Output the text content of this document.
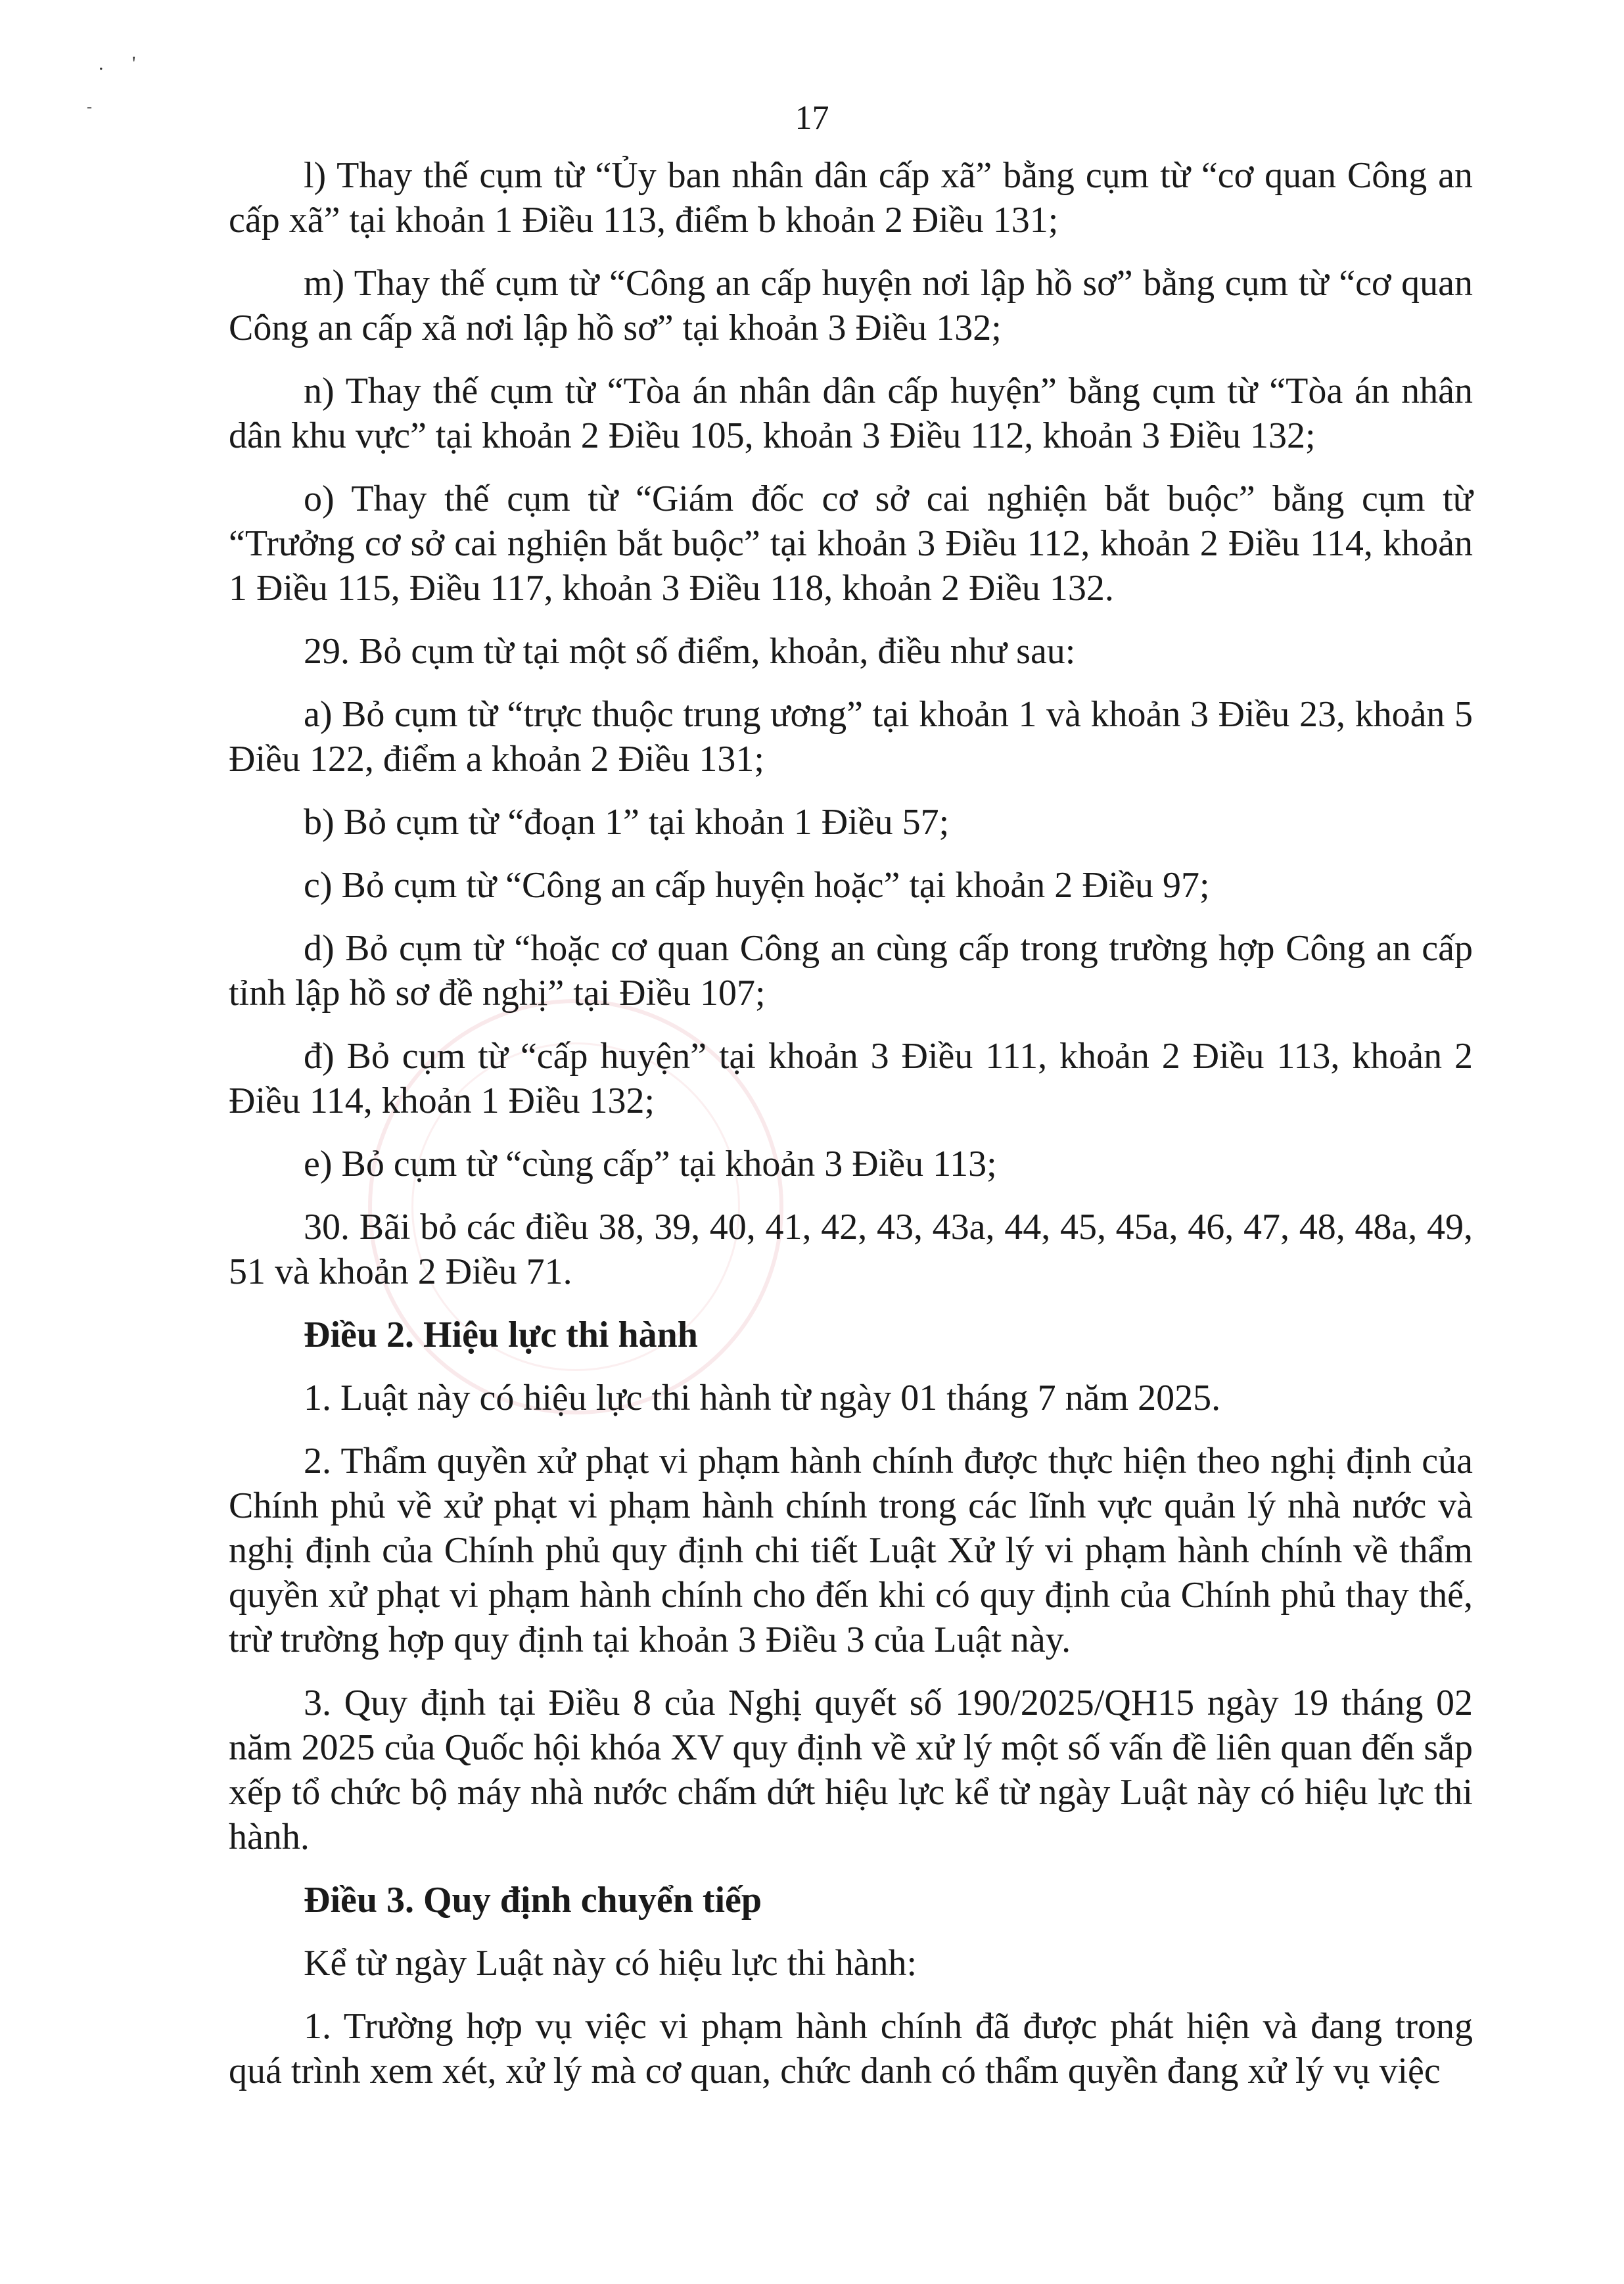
. '
-	17

l) Thay thế cụm từ “Ủy ban nhân dân cấp xã” bằng cụm từ “cơ quan Công an cấp xã” tại khoản 1 Điều 113, điểm b khoản 2 Điều 131;

m) Thay thế cụm từ “Công an cấp huyện nơi lập hồ sơ” bằng cụm từ “cơ quan Công an cấp xã nơi lập hồ sơ” tại khoản 3 Điều 132;

n) Thay thế cụm từ “Tòa án nhân dân cấp huyện” bằng cụm từ “Tòa án nhân dân khu vực” tại khoản 2 Điều 105, khoản 3 Điều 112, khoản 3 Điều 132;

o) Thay thế cụm từ “Giám đốc cơ sở cai nghiện bắt buộc” bằng cụm từ “Trưởng cơ sở cai nghiện bắt buộc” tại khoản 3 Điều 112, khoản 2 Điều 114, khoản 1 Điều 115, Điều 117, khoản 3 Điều 118, khoản 2 Điều 132.

29. Bỏ cụm từ tại một số điểm, khoản, điều như sau:

a) Bỏ cụm từ “trực thuộc trung ương” tại khoản 1 và khoản 3 Điều 23, khoản 5 Điều 122, điểm a khoản 2 Điều 131;

b) Bỏ cụm từ “đoạn 1” tại khoản 1 Điều 57;

c) Bỏ cụm từ “Công an cấp huyện hoặc” tại khoản 2 Điều 97;

d) Bỏ cụm từ “hoặc cơ quan Công an cùng cấp trong trường hợp Công an cấp tỉnh lập hồ sơ đề nghị” tại Điều 107;

đ) Bỏ cụm từ “cấp huyện” tại khoản 3 Điều 111, khoản 2 Điều 113, khoản 2 Điều 114, khoản 1 Điều 132;

e) Bỏ cụm từ “cùng cấp” tại khoản 3 Điều 113;

30. Bãi bỏ các điều 38, 39, 40, 41, 42, 43, 43a, 44, 45, 45a, 46, 47, 48, 48a, 49, 51 và khoản 2 Điều 71.

Điều 2. Hiệu lực thi hành

1. Luật này có hiệu lực thi hành từ ngày 01 tháng 7 năm 2025.

2. Thẩm quyền xử phạt vi phạm hành chính được thực hiện theo nghị định của Chính phủ về xử phạt vi phạm hành chính trong các lĩnh vực quản lý nhà nước và nghị định của Chính phủ quy định chi tiết Luật Xử lý vi phạm hành chính về thẩm quyền xử phạt vi phạm hành chính cho đến khi có quy định của Chính phủ thay thế, trừ trường hợp quy định tại khoản 3 Điều 3 của Luật này.

3. Quy định tại Điều 8 của Nghị quyết số 190/2025/QH15 ngày 19 tháng 02 năm 2025 của Quốc hội khóa XV quy định về xử lý một số vấn đề liên quan đến sắp xếp tổ chức bộ máy nhà nước chấm dứt hiệu lực kể từ ngày Luật này có hiệu lực thi hành.

Điều 3. Quy định chuyển tiếp

Kể từ ngày Luật này có hiệu lực thi hành:

1. Trường hợp vụ việc vi phạm hành chính đã được phát hiện và đang trong quá trình xem xét, xử lý mà cơ quan, chức danh có thẩm quyền đang xử lý vụ việc
